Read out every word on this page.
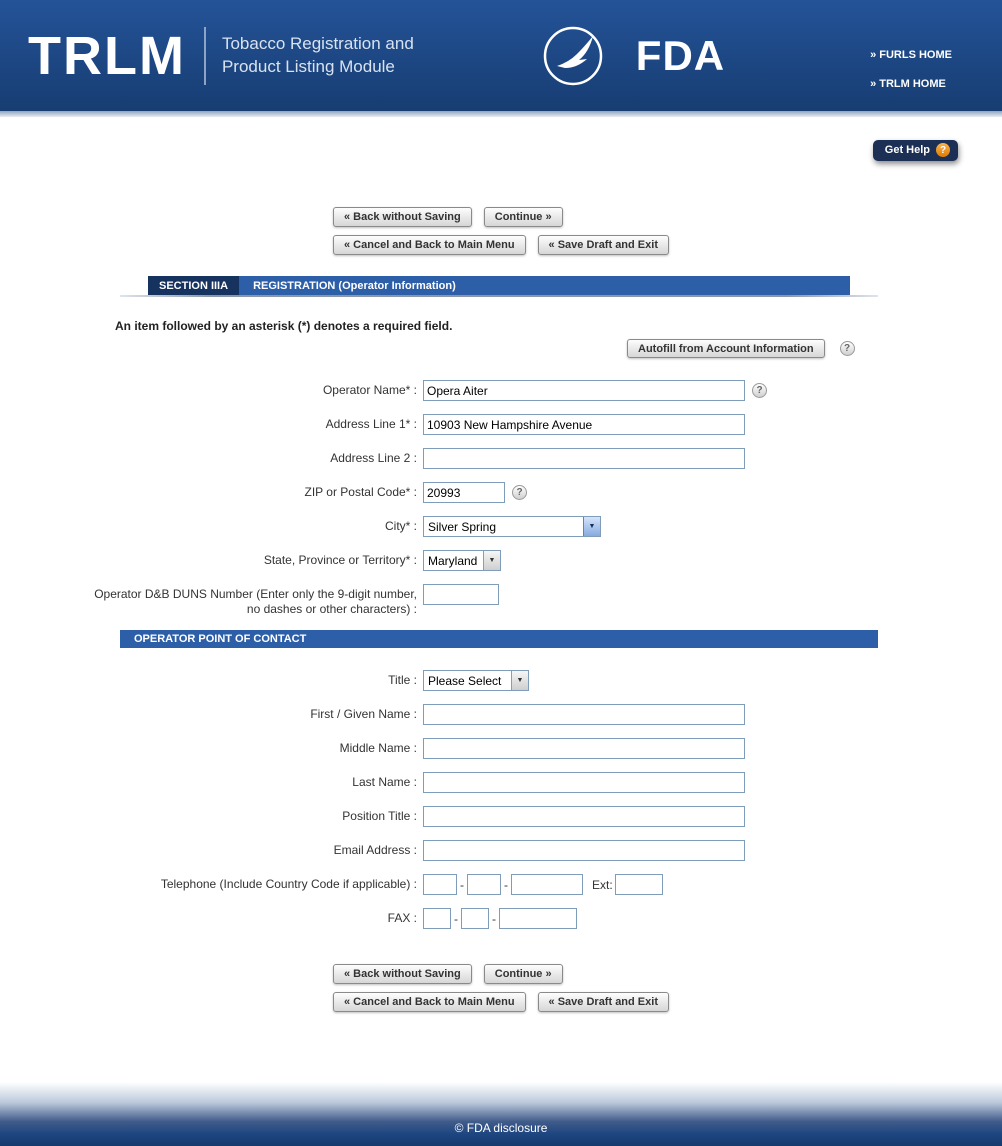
TRLM Tobacco Registration and
Product Listing Module	FDA	» FURLS HOME
» TRLM HOME
Get Help ?
« Back without Saving	Continue »
« Cancel and Back to Main Menu	« Save Draft and Exit
SECTION IIIA	REGISTRATION (Operator Information)
An item followed by an asterisk (*) denotes a required field.
Autofill from Account Information	?
Operator Name* :
Opera Aiter	?
Address Line 1* :
10903 New Hampshire Avenue
Address Line 2 :
ZIP or Postal Code* :
20993	?
City* : Silver Spring	▼
State, Province or Territory* : Maryland	▼
Operator D&B DUNS Number (Enter only the 9-digit number, no dashes or other characters) :
OPERATOR POINT OF CONTACT
Title : Please Select	▼
First / Given Name :
Middle Name :
Last Name :
Position Title :
Email Address :
Telephone (Include Country Code if applicable) :	-	-	Ext:
FAX :	-	-
« Back without Saving	Continue »
« Cancel and Back to Main Menu	« Save Draft and Exit
© FDA disclosure
